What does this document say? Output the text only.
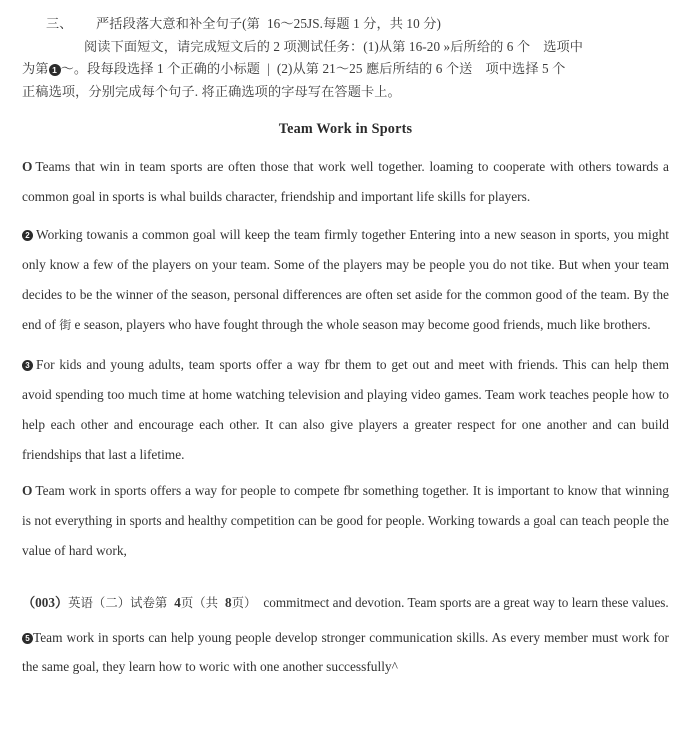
三、 严括段落大意和补全句子(第 16～25JS.每题 1 分，共 10 分)
阅读下面短文，请完成短文后的 2 项测试任务：(1)从第 16-20 »后所给的 6 个 选项中
为第 1 ～。段每段选择 1 个正确的小标题 | (2)从第 21～25 應后所结的 6 个送 项中选择 5 个
正稿选项，分别完成每个句子. 将正确选项的字母写在答题卡上。
Team Work in Sports

O Teams that win in team sports are often those that work well together. loaming to cooperate with others towards a common goal in sports is whal builds character, friendship and important life skills for players.

2 Working towanis a common goal will keep the team firmly together Entering into a new season in sports, you might only know a few of the players on your team. Some of the players may be people you do not tike. But when your team decides to be the winner of the season, personal differences are often set aside for the common good of the team. By the end of 街 e season, players who have fought through the whole season may become good friends, much like brothers.

3 For kids and young adults, team sports offer a way fbr them to get out and meet with friends. This can help them avoid spending too much time at home watching television and playing video games. Team work teaches people how to help each other and encourage each other. It can also give players a greater respect for one another and can build friendships that last a lifetime.

O Team work in sports offers a way for people to compete fbr something together. It is important to know that winning is not everything in sports and healthy competition can be good for people. Working towards a goal can teach people the value of hard work,

（003）英语（二）试卷第 4页（共 8页） commitmect and devotion. Team sports are a great way to learn these values.

5 Team work in sports can help young people develop stronger communication skills. As every member must work for the same goal, they learn how to woric with one another successfully^
